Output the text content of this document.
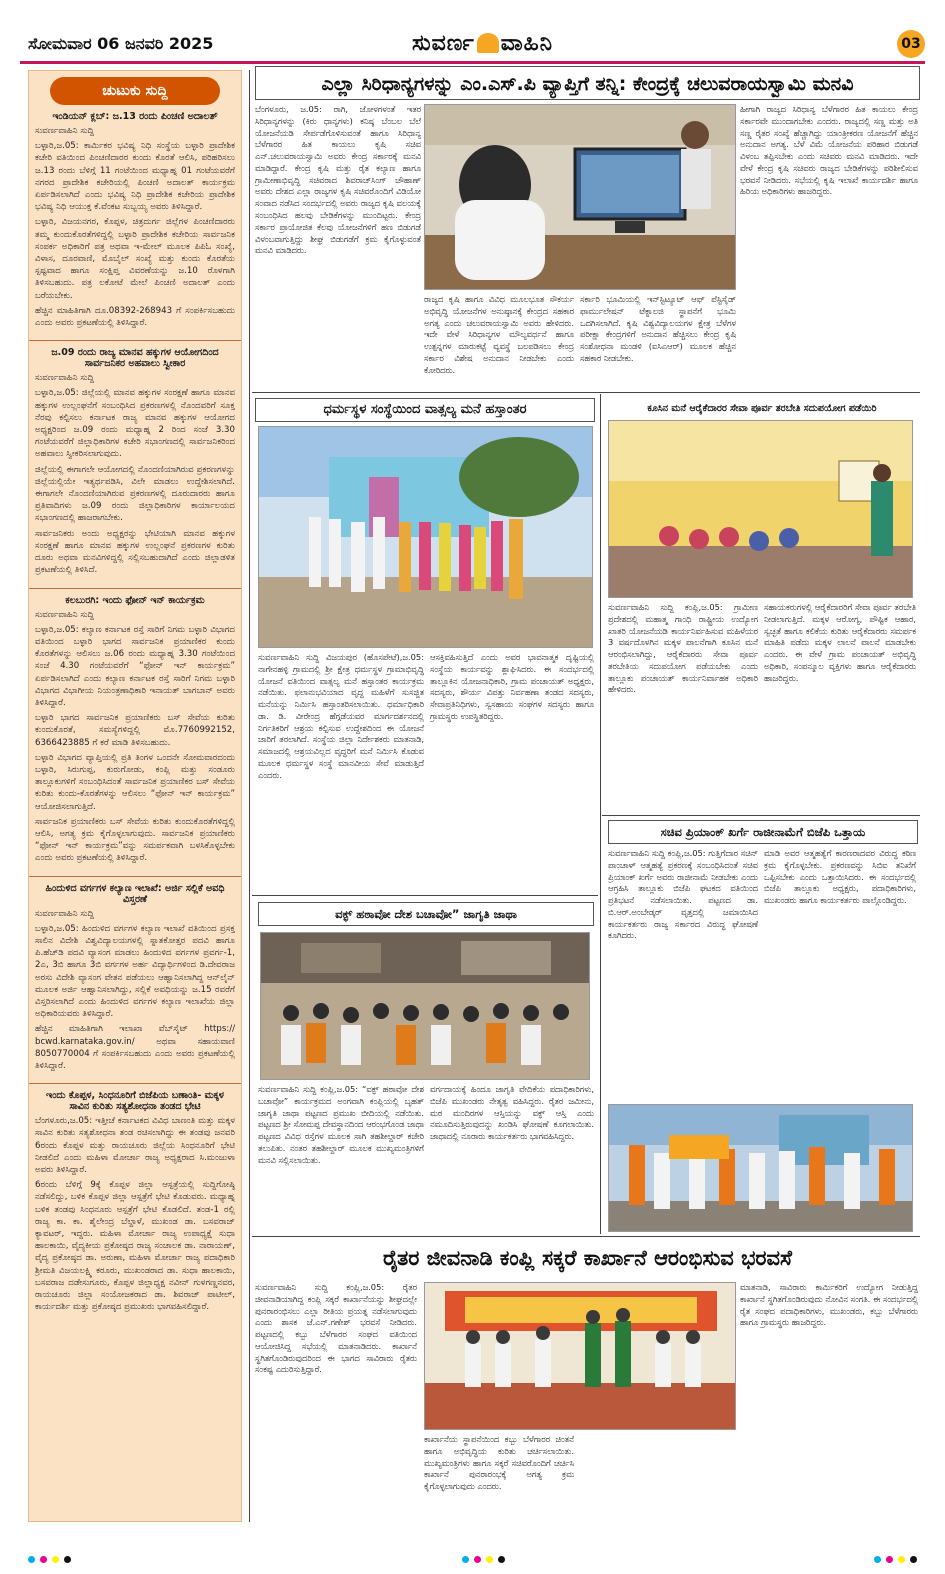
ಸೋಮವಾರ 06 ಜನವರಿ 2025	ಸುವರ್ಣ ವಾಹಿನಿ	03
ಚುಟುಕು ಸುದ್ದಿ
ಇಂಡಿಯನ್ ಕ್ಲಬ್: ಜ.13 ರಂದು ಪಿಂಚಣಿ ಅದಾಲತ್

ಸುವರ್ಣವಾಹಿನಿ ಸುದ್ದಿ

ಬಳ್ಳಾರಿ,ಜ.05: ಕಾರ್ಮಿಕರ ಭವಿಷ್ಯ ನಿಧಿ ಸಂಸ್ಥೆಯ ಬಳ್ಳಾರಿ ಪ್ರಾದೇಶಿಕ ಕಚೇರಿ ವತಿಯಿಂದ ಪಿಂಚಣಿದಾರರ ಕುಂದು ಕೊರತೆ ಆಲಿಸಿ, ಪರಿಹರಿಸಲು ಜ.13 ರಂದು ಬೆಳಿಗ್ಗೆ 11 ಗಂಟೆಯಿಂದ ಮಧ್ಯಾಹ್ನ 01 ಗಂಟೆಯವರೆಗೆ ನಗರದ ಪ್ರಾದೇಶಿಕ ಕಚೇರಿಯಲ್ಲಿ ಪಿಂಚಣಿ ಅದಾಲತ್ ಕಾರ್ಯಕ್ರಮ ಏರ್ಪಡಿಸಲಾಗಿದೆ ಎಂದು ಭವಿಷ್ಯ ನಿಧಿ ಪ್ರಾದೇಶಿಕ ಕಚೇರಿಯ ಪ್ರಾದೇಶಿಕ ಭವಿಷ್ಯ ನಿಧಿ ಆಯುಕ್ತ ಕೆ.ವೆಂಕಟ ಸುಬ್ಬಯ್ಯ ಅವರು ತಿಳಿಸಿದ್ದಾರೆ.

ಬಳ್ಳಾರಿ, ವಿಜಯನಗರ, ಕೊಪ್ಪಳ, ಚಿತ್ರದುರ್ಗ ಜಿಲ್ಲೆಗಳ ಪಿಂಚಣಿದಾರರು ತಮ್ಮ ಕುಂದುಕೊರತೆಗಳಿದ್ದಲ್ಲಿ ಬಳ್ಳಾರಿ ಪ್ರಾದೇಶಿಕ ಕಚೇರಿಯ ಸಾರ್ವಜನಿಕ ಸಂಪರ್ಕ ಅಧಿಕಾರಿಗೆ ಪತ್ರ ಅಥವಾ ಇ-ಮೇಲ್ ಮೂಲಕ ಪಿಪಿಓ ಸಂಖ್ಯೆ, ವಿಳಾಸ, ದೂರವಾಣಿ, ಮೊಬೈಲ್ ಸಂಖ್ಯೆ ಮತ್ತು ಕುಂದು ಕೊರತೆಯ ಸ್ಪಷ್ಟವಾದ ಹಾಗೂ ಸಂಕ್ಷಿಪ್ತ ವಿವರಣೆಯನ್ನು ಜ.10 ರೊಳಗಾಗಿ ತಿಳಿಸಬಹುದು. ಪತ್ರ ಲಕೋಟೆ ಮೇಲೆ ಪಿಂಚಣಿ ಅದಾಲತ್ ಎಂದು ಬರೆಯಬೇಕು.

ಹೆಚ್ಚಿನ ಮಾಹಿತಿಗಾಗಿ ದೂ.08392-268943 ಗೆ ಸಂಪರ್ಕಿಸಬಹುದು ಎಂದು ಅವರು ಪ್ರಕಟಣೆಯಲ್ಲಿ ತಿಳಿಸಿದ್ದಾರೆ.

ಜ.09 ರಂದು ರಾಜ್ಯ ಮಾನವ ಹಕ್ಕುಗಳ ಆಯೋಗದಿಂದ ಸಾರ್ವಜನಿಕರ ಅಹವಾಲು ಸ್ವೀಕಾರ

ಸುವರ್ಣವಾಹಿನಿ ಸುದ್ದಿ

ಬಳ್ಳಾರಿ,ಜ.05: ಜಿಲ್ಲೆಯಲ್ಲಿ ಮಾನವ ಹಕ್ಕುಗಳ ಸಂರಕ್ಷಣೆ ಹಾಗೂ ಮಾನವ ಹಕ್ಕುಗಳ ಉಲ್ಲಂಘನೆಗೆ ಸಂಬಂಧಿಸಿದ ಪ್ರಕರಣಗಳಲ್ಲಿ ನೊಂದವರಿಗೆ ಸೂಕ್ತ ನೆರವು ಕಲ್ಪಿಸಲು ಕರ್ನಾಟಕ ರಾಜ್ಯ ಮಾನವ ಹಕ್ಕುಗಳ ಆಯೋಗದ ಅಧ್ಯಕ್ಷರಿಂದ ಜ.09 ರಂದು ಮಧ್ಯಾಹ್ನ 2 ರಿಂದ ಸಂಜೆ 3.30 ಗಂಟೆಯವರೆಗೆ ಜಿಲ್ಲಾಧಿಕಾರಿಗಳ ಕಚೇರಿ ಸಭಾಂಗಣದಲ್ಲಿ ಸಾರ್ವಜನಿಕರಿಂದ ಅಹವಾಲು ಸ್ವೀಕರಿಸಲಾಗುವುದು.

ಜಿಲ್ಲೆಯಲ್ಲಿ ಈಗಾಗಲೇ ಆಯೋಗದಲ್ಲಿ ನೊಂದಣಿಯಾಗಿರುವ ಪ್ರಕರಣಗಳನ್ನು ಜಿಲ್ಲೆಯಲ್ಲಿಯೇ ಇತ್ಯರ್ಥಪಡಿಸಿ, ವಿಲೇ ಮಾಡಲು ಉದ್ದೇಶಿಸಲಾಗಿದೆ. ಈಗಾಗಲೇ ನೊಂದಣಿಯಾಗಿರುವ ಪ್ರಕರಣಗಳಲ್ಲಿ ದೂರುದಾರರು ಹಾಗೂ ಪ್ರತಿವಾದಿಗಳು ಜ.09 ರಂದು ಜಿಲ್ಲಾಧಿಕಾರಿಗಳ ಕಾರ್ಯಾಲಯದ ಸಭಾಂಗಣದಲ್ಲಿ ಹಾಜರಾಗಬೇಕು.

ಸಾರ್ವಜನಿಕರು ಅಂದು ಅಧ್ಯಕ್ಷರನ್ನು ಭೇಟಿಯಾಗಿ ಮಾನವ ಹಕ್ಕುಗಳ ಸಂರಕ್ಷಣೆ ಹಾಗೂ ಮಾನವ ಹಕ್ಕುಗಳ ಉಲ್ಲಂಘನೆ ಪ್ರಕರಣಗಳ ಕುರಿತು ದೂರು ಅಥವಾ ಮನವಿಗಳಿದ್ದಲ್ಲಿ ಸಲ್ಲಿಸಬಹುದಾಗಿದೆ ಎಂದು ಜಿಲ್ಲಾಡಳಿತ ಪ್ರಕಟಣೆಯಲ್ಲಿ ತಿಳಿಸಿದೆ.

ಕಲಬುರಗಿ: ಇಂದು ಫೋನ್ ಇನ್ ಕಾರ್ಯಕ್ರಮ

ಸುವರ್ಣವಾಹಿನಿ ಸುದ್ದಿ

ಬಳ್ಳಾರಿ,ಜ.05: ಕಲ್ಯಾಣ ಕರ್ನಾಟಕ ರಸ್ತೆ ಸಾರಿಗೆ ನಿಗಮ ಬಳ್ಳಾರಿ ವಿಭಾಗದ ವತಿಯಿಂದ ಬಳ್ಳಾರಿ ಭಾಗದ ಸಾರ್ವಜನಿಕ ಪ್ರಯಾಣಿಕರ ಕುಂದು ಕೊರತೆಗಳನ್ನು ಆಲಿಸಲು ಜ.06 ರಂದು ಮಧ್ಯಾಹ್ನ 3.30 ಗಂಟೆಯಿಂದ ಸಂಜೆ 4.30 ಗಂಟೆಯವರೆಗೆ “ಫೋನ್ ಇನ್ ಕಾರ್ಯಕ್ರಮ” ಏರ್ಪಡಿಸಲಾಗಿದೆ ಎಂದು ಕಲ್ಯಾಣ ಕರ್ನಾಟಕ ರಸ್ತೆ ಸಾರಿಗೆ ನಿಗಮ ಬಳ್ಳಾರಿ ವಿಭಾಗದ ವಿಭಾಗೀಯ ನಿಯಂತ್ರಣಾಧಿಕಾರಿ ಇನಾಯತ್ ಬಾಗಬಾನ್ ಅವರು ತಿಳಿಸಿದ್ದಾರೆ.

ಬಳ್ಳಾರಿ ಭಾಗದ ಸಾರ್ವಜನಿಕ ಪ್ರಯಾಣಿಕರು ಬಸ್ ಸೇವೆಯ ಕುರಿತು ಕುಂದುಕೊರತೆ, ಸಮಸ್ಯೆಗಳಿದ್ದಲ್ಲಿ ಮೊ.7760992152, 6366423885 ಗೆ ಕರೆ ಮಾಡಿ ತಿಳಿಸಬಹುದು.

ಬಳ್ಳಾರಿ ವಿಭಾಗದ ವ್ಯಾಪ್ತಿಯಲ್ಲಿ ಪ್ರತಿ ತಿಂಗಳ ಒಂದನೇ ಸೋಮವಾರದಂದು ಬಳ್ಳಾರಿ, ಸಿರುಗುಪ್ಪ, ಕುರುಗೋಡು, ಕಂಪ್ಲಿ ಮತ್ತು ಸಂಡೂರು ತಾಲ್ಲೂಕುಗಳಿಗೆ ಸಂಬಂಧಿಸಿದಂತೆ ಸಾರ್ವಜನಿಕ ಪ್ರಯಾಣಿಕರ ಬಸ್ ಸೇವೆಯ ಕುರಿತು ಕುಂದು-ಕೊರತೆಗಳನ್ನು ಆಲಿಸಲು “ಫೋನ್ ಇನ್ ಕಾರ್ಯಕ್ರಮ” ಆಯೋಜಿಸಲಾಗುತ್ತಿದೆ.

ಸಾರ್ವಜನಿಕ ಪ್ರಯಾಣಿಕರು ಬಸ್ ಸೇವೆಯ ಕುರಿತು ಕುಂದುಕೊರತೆಗಳಿದ್ದಲ್ಲಿ ಆಲಿಸಿ, ಅಗತ್ಯ ಕ್ರಮ ಕೈಗೊಳ್ಳಲಾಗುವುದು. ಸಾರ್ವಜನಿಕ ಪ್ರಯಾಣಿಕರು “ಫೋನ್ ಇನ್ ಕಾರ್ಯಕ್ರಮ”ವನ್ನು ಸಮರ್ಪಕವಾಗಿ ಬಳಸಿಕೊಳ್ಳಬೇಕು ಎಂದು ಅವರು ಪ್ರಕಟಣೆಯಲ್ಲಿ ತಿಳಿಸಿದ್ದಾರೆ.

ಹಿಂದುಳಿದ ವರ್ಗಗಳ ಕಲ್ಯಾಣ ಇಲಾಖೆ: ಅರ್ಜಿ ಸಲ್ಲಿಕೆ ಅವಧಿ ವಿಸ್ತರಣೆ

ಸುವರ್ಣವಾಹಿನಿ ಸುದ್ದಿ

ಬಳ್ಳಾರಿ,ಜ.05: ಹಿಂದುಳಿದ ವರ್ಗಗಳ ಕಲ್ಯಾಣ ಇಲಾಖೆ ವತಿಯಿಂದ ಪ್ರಸಕ್ತ ಸಾಲಿನ ವಿದೇಶಿ ವಿಶ್ವವಿದ್ಯಾಲಯಗಳಲ್ಲಿ ಸ್ನಾತಕೋತ್ತರ ಪದವಿ ಹಾಗೂ ಪಿ.ಹೆಚ್‌ಡಿ ಪದವಿ ವ್ಯಾಸಂಗ ಮಾಡಲು ಹಿಂದುಳಿದ ವರ್ಗಗಳ ಪ್ರವರ್ಗ-1, 2ಎ, 3ಬಿ ಹಾಗೂ 3ಬಿ ವರ್ಗಗಳ ಅರ್ಹ ವಿದ್ಯಾರ್ಥಿಗಳಿಂದ ಡಿ.ದೇವರಾಜ ಅರಸು ವಿದೇಶಿ ವ್ಯಾಸಂಗ ವೇತನ ಪಡೆಯಲು ಆಹ್ವಾನಿಸಲಾಗಿದ್ದ ಆನ್‌ಲೈನ್ ಮೂಲಕ ಅರ್ಜಿ ಆಹ್ವಾನಿಸಲಾಗಿದ್ದು, ಸಲ್ಲಿಕೆ ಅವಧಿಯನ್ನು ಜ.15 ರವರೆಗೆ ವಿಸ್ತರಿಸಲಾಗಿದೆ ಎಂದು ಹಿಂದುಳಿದ ವರ್ಗಗಳ ಕಲ್ಯಾಣ ಇಲಾಖೆಯ ಜಿಲ್ಲಾ ಅಧಿಕಾರಿಯವರು ತಿಳಿಸಿದ್ದಾರೆ.

ಹೆಚ್ಚಿನ ಮಾಹಿತಿಗಾಗಿ ಇಲಾಖಾ ವೆಬ್‌ಸೈಟ್ https:// bcwd.karnataka.gov.in/ ಅಥವಾ ಸಹಾಯವಾಣಿ 8050770004 ಗೆ ಸಂಪರ್ಕಿಸಬಹುದು ಎಂದು ಅವರು ಪ್ರಕಟಣೆಯಲ್ಲಿ ತಿಳಿಸಿದ್ದಾರೆ.

ಇಂದು ಕೊಪ್ಪಳ, ಸಿಂಧನೂರಿಗೆ ಬಿಜೆಪಿಯ ಬಣಾಂತಿ- ಮಕ್ಕಳ ಸಾವಿನ ಕುರಿತು ಸತ್ಯಶೋಧನಾ ತಂಡದ ಭೇಟಿ

ಬೆಂಗಳೂರು,ಜ.05: ಇತ್ತೀಚೆ ಕರ್ನಾಟಕದ ವಿವಿಧ ಬಾಣಂತಿ ಮತ್ತು ಮಕ್ಕಳ ಸಾವಿನ ಕುರಿತು ಸತ್ಯಶೋಧನಾ ತಂಡ ರಚಿಸಲಾಗಿದ್ದು ಈ ತಂಡವು ಜನವರಿ 6ರಂದು ಕೊಪ್ಪಳ ಮತ್ತು ರಾಯಚೂರು ಜಿಲ್ಲೆಯ ಸಿಂಧನೂರಿಗೆ ಭೇಟಿ ನೀಡಲಿದೆ ಎಂದು ಮಹಿಳಾ ಮೋರ್ಚಾ ರಾಜ್ಯ ಅಧ್ಯಕ್ಷರಾದ ಸಿ.ಮಂಜುಳಾ ಅವರು ತಿಳಿಸಿದ್ದಾರೆ.

6ರಂದು ಬೆಳಿಗ್ಗೆ 9ಕ್ಕೆ ಕೊಪ್ಪಳ ಜಿಲ್ಲಾ ಆಸ್ಪತ್ರೆಯಲ್ಲಿ ಸುದ್ದಿಗೋಷ್ಠಿ ನಡೆಸಲಿದ್ದು, ಬಳಿಕ ಕೊಪ್ಪಳ ಜಿಲ್ಲಾ ಆಸ್ಪತ್ರೆಗೆ ಭೇಟಿ ಕೊಡುವರು. ಮಧ್ಯಾಹ್ನ ಬಳಿಕ ತಂಡವು ಸಿಂಧನೂರು ಆಸ್ಪತ್ರೆಗೆ ಭೇಟಿ ಕೊಡಲಿದೆ. ತಂಡ-1 ರಲ್ಲಿ ರಾಜ್ಯ ಕಾ. ಕಾ. ಶೈಲೇಂದ್ರ ಬೆಲ್ದಾಳೆ, ಮುಖಂಡ ಡಾ. ಬಸವರಾಜ್ ಕ್ಯಾವಟರ್, ಇದ್ದರು. ಮಹಿಳಾ ಮೋರ್ಚಾ ರಾಜ್ಯ ಉಪಾಧ್ಯಕ್ಷೆ ಸುಧಾ ಹಾಲಕಾಯಿ, ವೈದ್ಯಕೀಯ ಪ್ರಕೋಷ್ಠದ ರಾಜ್ಯ ಸಂಚಾಲಕ ಡಾ. ನಾರಾಯಣ್, ವೈದ್ಯ ಪ್ರಕೋಷ್ಠದ ಡಾ. ಅರುಣಾ, ಮಹಿಳಾ ಮೋರ್ಚಾ ರಾಜ್ಯ ಪದಾಧಿಕಾರಿ ಶ್ರೀಮತಿ ವಿಜಯಲಕ್ಷ್ಮಿ ಕರೂರು, ಮುಖಂಡರಾದ ಡಾ. ಸುಧಾ ಹಾಲಕಾಯಿ, ಬಸವರಾಜ ದಡೇಸುಗೂರು, ಕೊಪ್ಪಳ ಜಿಲ್ಲಾಧ್ಯಕ್ಷ ನವೀನ್ ಗುಳಗಣ್ಣನವರ, ರಾಯಚೂರು ಜಿಲ್ಲಾ ಸಂಯೋಜಕರಾದ ಡಾ. ಶಿವರಾಜ್ ಪಾಟೀಲ್, ಕಾರ್ಯದರ್ಶಿ ಮತ್ತು ಪ್ರಕೋಷ್ಠದ ಪ್ರಮುಖರು ಭಾಗವಹಿಸಲಿದ್ದಾರೆ.

ಎಲ್ಲಾ ಸಿರಿಧಾನ್ಯಗಳನ್ನು ಎಂ.ಎಸ್.ಪಿ ವ್ಯಾಪ್ತಿಗೆ ತನ್ನಿ: ಕೇಂದ್ರಕ್ಕೆ ಚಲುವರಾಯಸ್ವಾಮಿ ಮನವಿ
ಬೆಂಗಳೂರು, ಜ.05: ರಾಗಿ, ಜೋಳಗಳಂತೆ ಇತರ ಸಿರಿಧಾನ್ಯಗಳನ್ನು (ಕಿರು ಧಾನ್ಯಗಳು) ಕನಿಷ್ಠ ಬೆಂಬಲ ಬೆಲೆ ಯೋಜನೆಯಡಿ ಸೇರ್ಪಡೆಗೊಳಿಸುವಂತೆ ಹಾಗೂ ಸಿರಿಧಾನ್ಯ ಬೆಳೆಗಾರರ ಹಿತ ಕಾಯಲು ಕೃಷಿ ಸಚಿವ ಎನ್.ಚಲುವರಾಯಸ್ವಾಮಿ ಅವರು ಕೇಂದ್ರ ಸರ್ಕಾರಕ್ಕೆ ಮನವಿ ಮಾಡಿದ್ದಾರೆ. ಕೇಂದ್ರ ಕೃಷಿ ಮತ್ತು ರೈತ ಕಲ್ಯಾಣ ಹಾಗೂ ಗ್ರಾಮೀಣಾಭಿವೃದ್ಧಿ ಸಚಿವರಾದ ಶಿವರಾಜ್‌ಸಿಂಗ್ ಚೌಹಾಣ್ ಅವರು ದೇಶದ ಎಲ್ಲಾ ರಾಜ್ಯಗಳ ಕೃಷಿ ಸಚಿವರೊಂದಿಗೆ ವಿಡಿಯೋ ಸಂವಾದ ನಡೆಸಿದ ಸಂದರ್ಭದಲ್ಲಿ ಅವರು ರಾಜ್ಯದ ಕೃಷಿ ವಲಯಕ್ಕೆ ಸಂಬಂಧಿಸಿದ ಹಲವು ಬೇಡಿಕೆಗಳನ್ನು ಮುಂದಿಟ್ಟರು. ಕೇಂದ್ರ ಸರ್ಕಾರ ಪ್ರಾಯೋಜಿತ ಕೆಲವು ಯೋಜನೆಗಳಿಗೆ ಹಣ ಬಿಡುಗಡೆ ವಿಳಂಬವಾಗುತ್ತಿದ್ದು ಶೀಘ್ರ ಬಿಡುಗಡೆಗೆ ಕ್ರಮ ಕೈಗೊಳ್ಳುವಂತೆ ಮನವಿ ಮಾಡಿದರು.
ರಾಜ್ಯದ ಕೃಷಿ ಹಾಗೂ ವಿವಿಧ ಮೂಲಭೂತ ಸೌಕರ್ಯ ಅಭಿವೃದ್ಧಿ ಯೋಜನೆಗಳ ಅನುಷ್ಠಾನಕ್ಕೆ ಕೇಂದ್ರದ ಸಹಕಾರ ಅಗತ್ಯ ಎಂದು ಚಲುವರಾಯಸ್ವಾಮಿ ಅವರು ಹೇಳಿದರು. ಇದೇ ವೇಳೆ ಸಿರಿಧಾನ್ಯಗಳ ಮೌಲ್ಯವರ್ಧನೆ ಹಾಗೂ ಉತ್ಪನ್ನಗಳ ಮಾರುಕಟ್ಟೆ ವ್ಯವಸ್ಥೆ ಬಲಪಡಿಸಲು ಕೇಂದ್ರ ಸರ್ಕಾರ ವಿಶೇಷ ಅನುದಾನ ನೀಡಬೇಕು ಎಂದು ಕೋರಿದರು.
ಸರ್ಕಾರಿ ಭೂಮಿಯಲ್ಲಿ ಇನ್‌ಸ್ಟಿಟ್ಯೂಟ್ ಆಫ್ ಪೆಸ್ಟಿಸೈಡ್ ಫಾರ್ಮುಲೇಷನ್ ಟೆಕ್ನಾಲಜಿ ಸ್ಥಾಪನೆಗೆ ಭೂಮಿ ಒದಗಿಸಲಾಗಿದೆ. ಕೃಷಿ ವಿಶ್ವವಿದ್ಯಾಲಯಗಳ ಕ್ಷೇತ್ರ ಬೆಳೆಗಳ ಪರೀಕ್ಷಾ ಕೇಂದ್ರಗಳಿಗೆ ಅನುದಾನ ಹೆಚ್ಚಿಸಲು ಕೇಂದ್ರ ಕೃಷಿ ಸಂಶೋಧನಾ ಮಂಡಳಿ (ಐಸಿಎಆರ್) ಮೂಲಕ ಹೆಚ್ಚಿನ ಸಹಕಾರ ನೀಡಬೇಕು.
ಹೀಗಾಗಿ ರಾಜ್ಯದ ಸಿರಿಧಾನ್ಯ ಬೆಳೆಗಾರರ ಹಿತ ಕಾಯಲು ಕೇಂದ್ರ ಸರ್ಕಾರವೇ ಮುಂದಾಗಬೇಕು ಎಂದರು. ರಾಜ್ಯದಲ್ಲಿ ಸಣ್ಣ ಮತ್ತು ಅತಿ ಸಣ್ಣ ರೈತರ ಸಂಖ್ಯೆ ಹೆಚ್ಚಾಗಿದ್ದು ಯಾಂತ್ರೀಕರಣ ಯೋಜನೆಗೆ ಹೆಚ್ಚಿನ ಅನುದಾನ ಅಗತ್ಯ. ಬೆಳೆ ವಿಮೆ ಯೋಜನೆಯ ಪರಿಹಾರ ಬಿಡುಗಡೆ ವಿಳಂಬ ತಪ್ಪಿಸಬೇಕು ಎಂದು ಸಚಿವರು ಮನವಿ ಮಾಡಿದರು. ಇದೇ ವೇಳೆ ಕೇಂದ್ರ ಕೃಷಿ ಸಚಿವರು ರಾಜ್ಯದ ಬೇಡಿಕೆಗಳನ್ನು ಪರಿಶೀಲಿಸುವ ಭರವಸೆ ನೀಡಿದರು. ಸಭೆಯಲ್ಲಿ ಕೃಷಿ ಇಲಾಖೆ ಕಾರ್ಯದರ್ಶಿ ಹಾಗೂ ಹಿರಿಯ ಅಧಿಕಾರಿಗಳು ಹಾಜರಿದ್ದರು.
ಧರ್ಮಸ್ಥಳ ಸಂಸ್ಥೆಯಿಂದ ವಾತ್ಸಲ್ಯ ಮನೆ ಹಸ್ತಾಂತರ
ಸುವರ್ಣವಾಹಿನಿ ಸುದ್ದಿ ವಿಜಯಪುರ (ಹೊಸಪೇಟೆ),ಜ.05: ನಾಗೇನಹಳ್ಳಿ ಗ್ರಾಮದಲ್ಲಿ ಶ್ರೀ ಕ್ಷೇತ್ರ ಧರ್ಮಸ್ಥಳ ಗ್ರಾಮಾಭಿವೃದ್ಧಿ ಯೋಜನೆ ವತಿಯಿಂದ ವಾತ್ಸಲ್ಯ ಮನೆ ಹಸ್ತಾಂತರ ಕಾರ್ಯಕ್ರಮ ನಡೆಯಿತು. ಫಲಾನುಭವಿಯಾದ ವೃದ್ಧ ಮಹಿಳೆಗೆ ಸುಸಜ್ಜಿತ ಮನೆಯನ್ನು ನಿರ್ಮಿಸಿ ಹಸ್ತಾಂತರಿಸಲಾಯಿತು. ಧರ್ಮಾಧಿಕಾರಿ ಡಾ. ಡಿ. ವೀರೇಂದ್ರ ಹೆಗ್ಗಡೆಯವರ ಮಾರ್ಗದರ್ಶನದಲ್ಲಿ ನಿರ್ಗತಿಕರಿಗೆ ಆಶ್ರಯ ಕಲ್ಪಿಸುವ ಉದ್ದೇಶದಿಂದ ಈ ಯೋಜನೆ ಜಾರಿಗೆ ತರಲಾಗಿದೆ. ಸಂಸ್ಥೆಯ ಜಿಲ್ಲಾ ನಿರ್ದೇಶಕರು ಮಾತನಾಡಿ, ಸಮಾಜದಲ್ಲಿ ಆಶ್ರಯವಿಲ್ಲದ ವೃದ್ಧರಿಗೆ ಮನೆ ನಿರ್ಮಿಸಿ ಕೊಡುವ ಮೂಲಕ ಧರ್ಮಸ್ಥಳ ಸಂಸ್ಥೆ ಮಾನವೀಯ ಸೇವೆ ಮಾಡುತ್ತಿದೆ ಎಂದರು.
ಆಸಕ್ತಿವಹಿಸುತ್ತಿದೆ ಎಂದು ಅವರ ಭಾವನಾತ್ಮಕ ದೃಷ್ಟಿಯಲ್ಲಿ ಸಂಸ್ಥೆಯ ಕಾರ್ಯವನ್ನು ಶ್ಲಾಘಿಸಿದರು. ಈ ಸಂದರ್ಭದಲ್ಲಿ ತಾಲ್ಲೂಕಿನ ಯೋಜನಾಧಿಕಾರಿ, ಗ್ರಾಮ ಪಂಚಾಯತ್ ಅಧ್ಯಕ್ಷರು, ಸದಸ್ಯರು, ಶೌರ್ಯ ವಿಪತ್ತು ನಿರ್ವಹಣಾ ತಂಡದ ಸದಸ್ಯರು, ಸೇವಾಪ್ರತಿನಿಧಿಗಳು, ಸ್ವಸಹಾಯ ಸಂಘಗಳ ಸದಸ್ಯರು ಹಾಗೂ ಗ್ರಾಮಸ್ಥರು ಉಪಸ್ಥಿತರಿದ್ದರು.
ಕೂಸಿನ ಮನೆ ಆರೈಕೆದಾರರ ಸೇವಾ ಪೂರ್ವ ತರಬೇತಿ ಸದುಪಯೋಗ ಪಡೆಯಿರಿ
ಸುವರ್ಣವಾಹಿನಿ ಸುದ್ದಿ ಕಂಪ್ಲಿ,ಜ.05: ಗ್ರಾಮೀಣ ಪ್ರದೇಶದಲ್ಲಿ ಮಹಾತ್ಮ ಗಾಂಧಿ ರಾಷ್ಟ್ರೀಯ ಉದ್ಯೋಗ ಖಾತರಿ ಯೋಜನೆಯಡಿ ಕಾರ್ಯನಿರ್ವಹಿಸುವ ಮಹಿಳೆಯರ 3 ವರ್ಷದೊಳಗಿನ ಮಕ್ಕಳ ಪಾಲನೆಗಾಗಿ ಕೂಸಿನ ಮನೆ ಆರಂಭಿಸಲಾಗಿದ್ದು, ಆರೈಕೆದಾರರು ಸೇವಾ ಪೂರ್ವ ತರಬೇತಿಯ ಸದುಪಯೋಗ ಪಡೆಯಬೇಕು ಎಂದು ತಾಲ್ಲೂಕು ಪಂಚಾಯತ್ ಕಾರ್ಯನಿರ್ವಾಹಕ ಅಧಿಕಾರಿ ಹೇಳಿದರು.
ಸಹಾಯಕರುಗಳಲ್ಲಿ ಆರೈಕೆದಾರರಿಗೆ ಸೇವಾ ಪೂರ್ವ ತರಬೇತಿ ನೀಡಲಾಗುತ್ತಿದೆ. ಮಕ್ಕಳ ಆರೋಗ್ಯ, ಪೌಷ್ಟಿಕ ಆಹಾರ, ಸ್ವಚ್ಛತೆ ಹಾಗೂ ಕಲಿಕೆಯ ಕುರಿತು ಆರೈಕೆದಾರರು ಸಮರ್ಪಕ ಮಾಹಿತಿ ಪಡೆದು ಮಕ್ಕಳ ಲಾಲನೆ ಪಾಲನೆ ಮಾಡಬೇಕು ಎಂದರು. ಈ ವೇಳೆ ಗ್ರಾಮ ಪಂಚಾಯತ್ ಅಭಿವೃದ್ಧಿ ಅಧಿಕಾರಿ, ಸಂಪನ್ಮೂಲ ವ್ಯಕ್ತಿಗಳು ಹಾಗೂ ಆರೈಕೆದಾರರು ಹಾಜರಿದ್ದರು.
ವಕ್ಫ್ ಹಠಾವೋ ದೇಶ ಬಚಾವೋ” ಜಾಗೃತಿ ಜಾಥಾ
ಸುವರ್ಣವಾಹಿನಿ ಸುದ್ದಿ ಕಂಪ್ಲಿ,ಜ.05: “ವಕ್ಫ್ ಹಠಾವೋ ದೇಶ ಬಚಾವೋ” ಕಾರ್ಯಕ್ರಮದ ಅಂಗವಾಗಿ ಕಂಪ್ಲಿಯಲ್ಲಿ ಬೃಹತ್ ಜಾಗೃತಿ ಜಾಥಾ ಪಟ್ಟಣದ ಪ್ರಮುಖ ಬೀದಿಯಲ್ಲಿ ನಡೆಯಿತು. ಪಟ್ಟಣದ ಶ್ರೀ ಸೋಮಪ್ಪ ದೇವಸ್ಥಾನದಿಂದ ಆರಂಭಗೊಂಡ ಜಾಥಾ ಪಟ್ಟಣದ ವಿವಿಧ ರಸ್ತೆಗಳ ಮೂಲಕ ಸಾಗಿ ತಹಶೀಲ್ದಾರ್ ಕಚೇರಿ ತಲುಪಿತು. ನಂತರ ತಹಶೀಲ್ದಾರ್ ಮೂಲಕ ಮುಖ್ಯಮಂತ್ರಿಗಳಿಗೆ ಮನವಿ ಸಲ್ಲಿಸಲಾಯಿತು.
ವರ್ಗದಾಯಕ್ಕೆ ಹಿಂದೂ ಜಾಗೃತಿ ವೇದಿಕೆಯ ಪದಾಧಿಕಾರಿಗಳು, ಬಿಜೆಪಿ ಮುಖಂಡರು ನೇತೃತ್ವ ವಹಿಸಿದ್ದರು. ರೈತರ ಜಮೀನು, ಮಠ ಮಂದಿರಗಳ ಆಸ್ತಿಯನ್ನು ವಕ್ಫ್ ಆಸ್ತಿ ಎಂದು ನಮೂದಿಸುತ್ತಿರುವುದನ್ನು ಖಂಡಿಸಿ ಘೋಷಣೆ ಕೂಗಲಾಯಿತು. ಜಾಥಾದಲ್ಲಿ ನೂರಾರು ಕಾರ್ಯಕರ್ತರು ಭಾಗವಹಿಸಿದ್ದರು.
ಸಚಿವ ಪ್ರಿಯಾಂಕ್ ಖರ್ಗೆ ರಾಜೀನಾಮೆಗೆ ಬಿಜೆಪಿ ಒತ್ತಾಯ
ಸುವರ್ಣವಾಹಿನಿ ಸುದ್ದಿ ಕಂಪ್ಲಿ,ಜ.05: ಗುತ್ತಿಗೆದಾರ ಸಚಿನ್ ಪಾಂಚಾಳ್ ಆತ್ಮಹತ್ಯೆ ಪ್ರಕರಣಕ್ಕೆ ಸಂಬಂಧಿಸಿದಂತೆ ಸಚಿವ ಪ್ರಿಯಾಂಕ್ ಖರ್ಗೆ ಅವರು ರಾಜೀನಾಮೆ ನೀಡಬೇಕು ಎಂದು ಆಗ್ರಹಿಸಿ ತಾಲ್ಲೂಕು ಬಿಜೆಪಿ ಘಟಕದ ವತಿಯಿಂದ ಪ್ರತಿಭಟನೆ ನಡೆಸಲಾಯಿತು. ಪಟ್ಟಣದ ಡಾ. ಬಿ.ಆರ್.ಅಂಬೇಡ್ಕರ್ ವೃತ್ತದಲ್ಲಿ ಜಮಾಯಿಸಿದ ಕಾರ್ಯಕರ್ತರು ರಾಜ್ಯ ಸರ್ಕಾರದ ವಿರುದ್ಧ ಘೋಷಣೆ ಕೂಗಿದರು.
ಮಾಡಿ ಅವರ ಆತ್ಮಹತ್ಯೆಗೆ ಕಾರಣರಾದವರ ವಿರುದ್ಧ ಕಠಿಣ ಕ್ರಮ ಕೈಗೊಳ್ಳಬೇಕು. ಪ್ರಕರಣವನ್ನು ಸಿಬಿಐ ತನಿಖೆಗೆ ಒಪ್ಪಿಸಬೇಕು ಎಂದು ಒತ್ತಾಯಿಸಿದರು. ಈ ಸಂದರ್ಭದಲ್ಲಿ ಬಿಜೆಪಿ ತಾಲ್ಲೂಕು ಅಧ್ಯಕ್ಷರು, ಪದಾಧಿಕಾರಿಗಳು, ಮುಖಂಡರು ಹಾಗೂ ಕಾರ್ಯಕರ್ತರು ಪಾಲ್ಗೊಂಡಿದ್ದರು.
ರೈತರ ಜೀವನಾಡಿ ಕಂಪ್ಲಿ ಸಕ್ಕರೆ ಕಾರ್ಖಾನೆ ಆರಂಭಿಸುವ ಭರವಸೆ
ಸುವರ್ಣವಾಹಿನಿ ಸುದ್ದಿ ಕಂಪ್ಲಿ,ಜ.05: ರೈತರ ಜೀವನಾಡಿಯಾಗಿದ್ದ ಕಂಪ್ಲಿ ಸಕ್ಕರೆ ಕಾರ್ಖಾನೆಯನ್ನು ಶೀಘ್ರದಲ್ಲೇ ಪುನರಾರಂಭಿಸಲು ಎಲ್ಲಾ ರೀತಿಯ ಪ್ರಯತ್ನ ನಡೆಸಲಾಗುವುದು ಎಂದು ಶಾಸಕ ಜೆ.ಎನ್.ಗಣೇಶ್ ಭರವಸೆ ನೀಡಿದರು. ಪಟ್ಟಣದಲ್ಲಿ ಕಬ್ಬು ಬೆಳೆಗಾರರ ಸಂಘದ ವತಿಯಿಂದ ಆಯೋಜಿಸಿದ್ದ ಸಭೆಯಲ್ಲಿ ಮಾತನಾಡಿದರು. ಕಾರ್ಖಾನೆ ಸ್ಥಗಿತಗೊಂಡಿರುವುದರಿಂದ ಈ ಭಾಗದ ಸಾವಿರಾರು ರೈತರು ಸಂಕಷ್ಟ ಎದುರಿಸುತ್ತಿದ್ದಾರೆ.
ಕಾರ್ಖಾನೆಯ ಸ್ಥಾಪನೆಯಿಂದ ಕಬ್ಬು ಬೆಳೆಗಾರರ ಚಿಂತನೆ ಹಾಗೂ ಅಭಿವೃದ್ಧಿಯ ಕುರಿತು ಚರ್ಚಿಸಲಾಯಿತು. ಮುಖ್ಯಮಂತ್ರಿಗಳು ಹಾಗೂ ಸಕ್ಕರೆ ಸಚಿವರೊಂದಿಗೆ ಚರ್ಚಿಸಿ ಕಾರ್ಖಾನೆ ಪುನರಾರಂಭಕ್ಕೆ ಅಗತ್ಯ ಕ್ರಮ ಕೈಗೊಳ್ಳಲಾಗುವುದು ಎಂದರು.
ಮಾತನಾಡಿ, ಸಾವಿರಾರು ಕಾರ್ಮಿಕರಿಗೆ ಉದ್ಯೋಗ ನೀಡುತ್ತಿದ್ದ ಕಾರ್ಖಾನೆ ಸ್ಥಗಿತಗೊಂಡಿರುವುದು ನೋವಿನ ಸಂಗತಿ. ಈ ಸಂದರ್ಭದಲ್ಲಿ ರೈತ ಸಂಘದ ಪದಾಧಿಕಾರಿಗಳು, ಮುಖಂಡರು, ಕಬ್ಬು ಬೆಳೆಗಾರರು ಹಾಗೂ ಗ್ರಾಮಸ್ಥರು ಹಾಜರಿದ್ದರು.
